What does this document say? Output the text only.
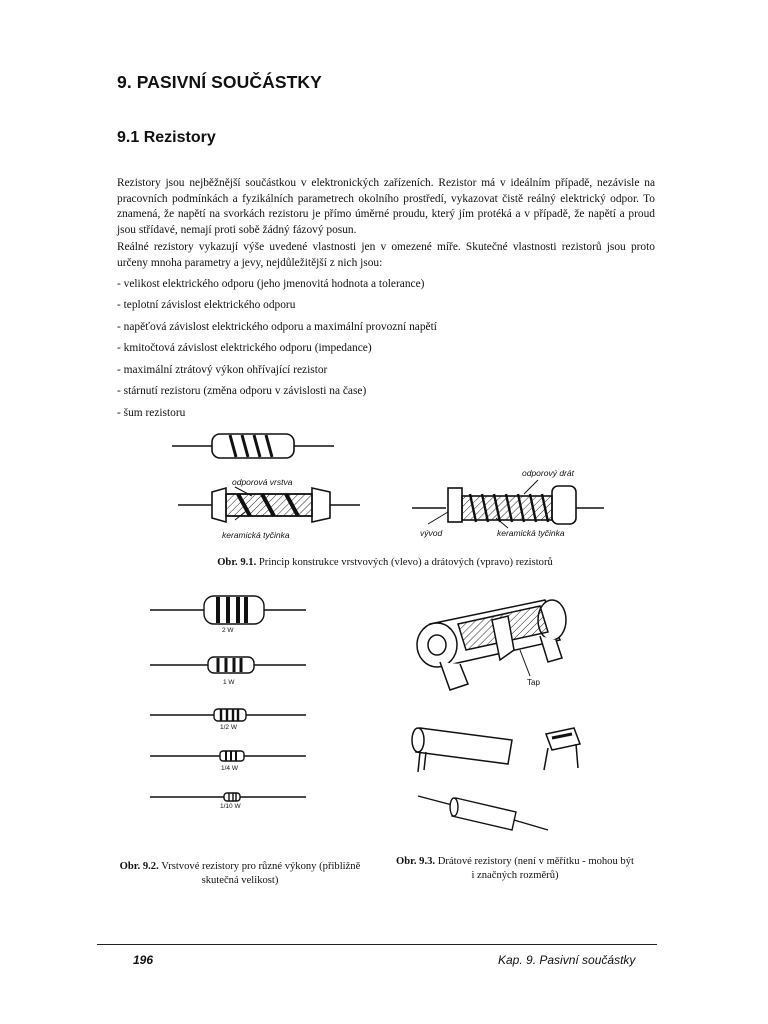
9. PASIVNÍ SOUČÁSTKY
9.1 Rezistory
Rezistory jsou nejběžnější součástkou v elektronických zařízeních. Rezistor má v ideálním případě, nezávisle na pracovních podmínkách a fyzikálních parametrech okolního prostředí, vykazovat čistě reálný elektrický odpor. To znamená, že napětí na svorkách rezistoru je přímo úměrné proudu, který jím protéká a v případě, že napětí a proud jsou střídavé, nemají proti sobě žádný fázový posun.
Reálné rezistory vykazují výše uvedené vlastnosti jen v omezené míře. Skutečné vlastnosti rezistorů jsou proto určeny mnoha parametry a jevy, nejdůležitější z nich jsou:
- velikost elektrického odporu (jeho jmenovitá hodnota a tolerance)
- teplotní závislost elektrického odporu
- napěťová závislost elektrického odporu a maximální provozní napětí
- kmitočtová závislost elektrického odporu (impedance)
- maximální ztrátový výkon ohřívající rezistor
- stárnutí rezistoru (změna odporu v závislosti na čase)
- šum rezistoru
odporová vrstva
keramická tyčinka
odporový drát
vývod	keramická tyčinka
Obr. 9.1. Princip konstrukce vrstvových (vlevo) a drátových (vpravo) rezistorů
2 W
1 W
1/2 W
1/4 W
1/10 W
Obr. 9.2. Vrstvové rezistory pro různé výkony (přibližně
skutečná velikost)
Tap
Obr. 9.3. Drátové rezistory (není v měřítku - mohou být
i značných rozměrů)
196	Kap. 9. Pasivní součástky
